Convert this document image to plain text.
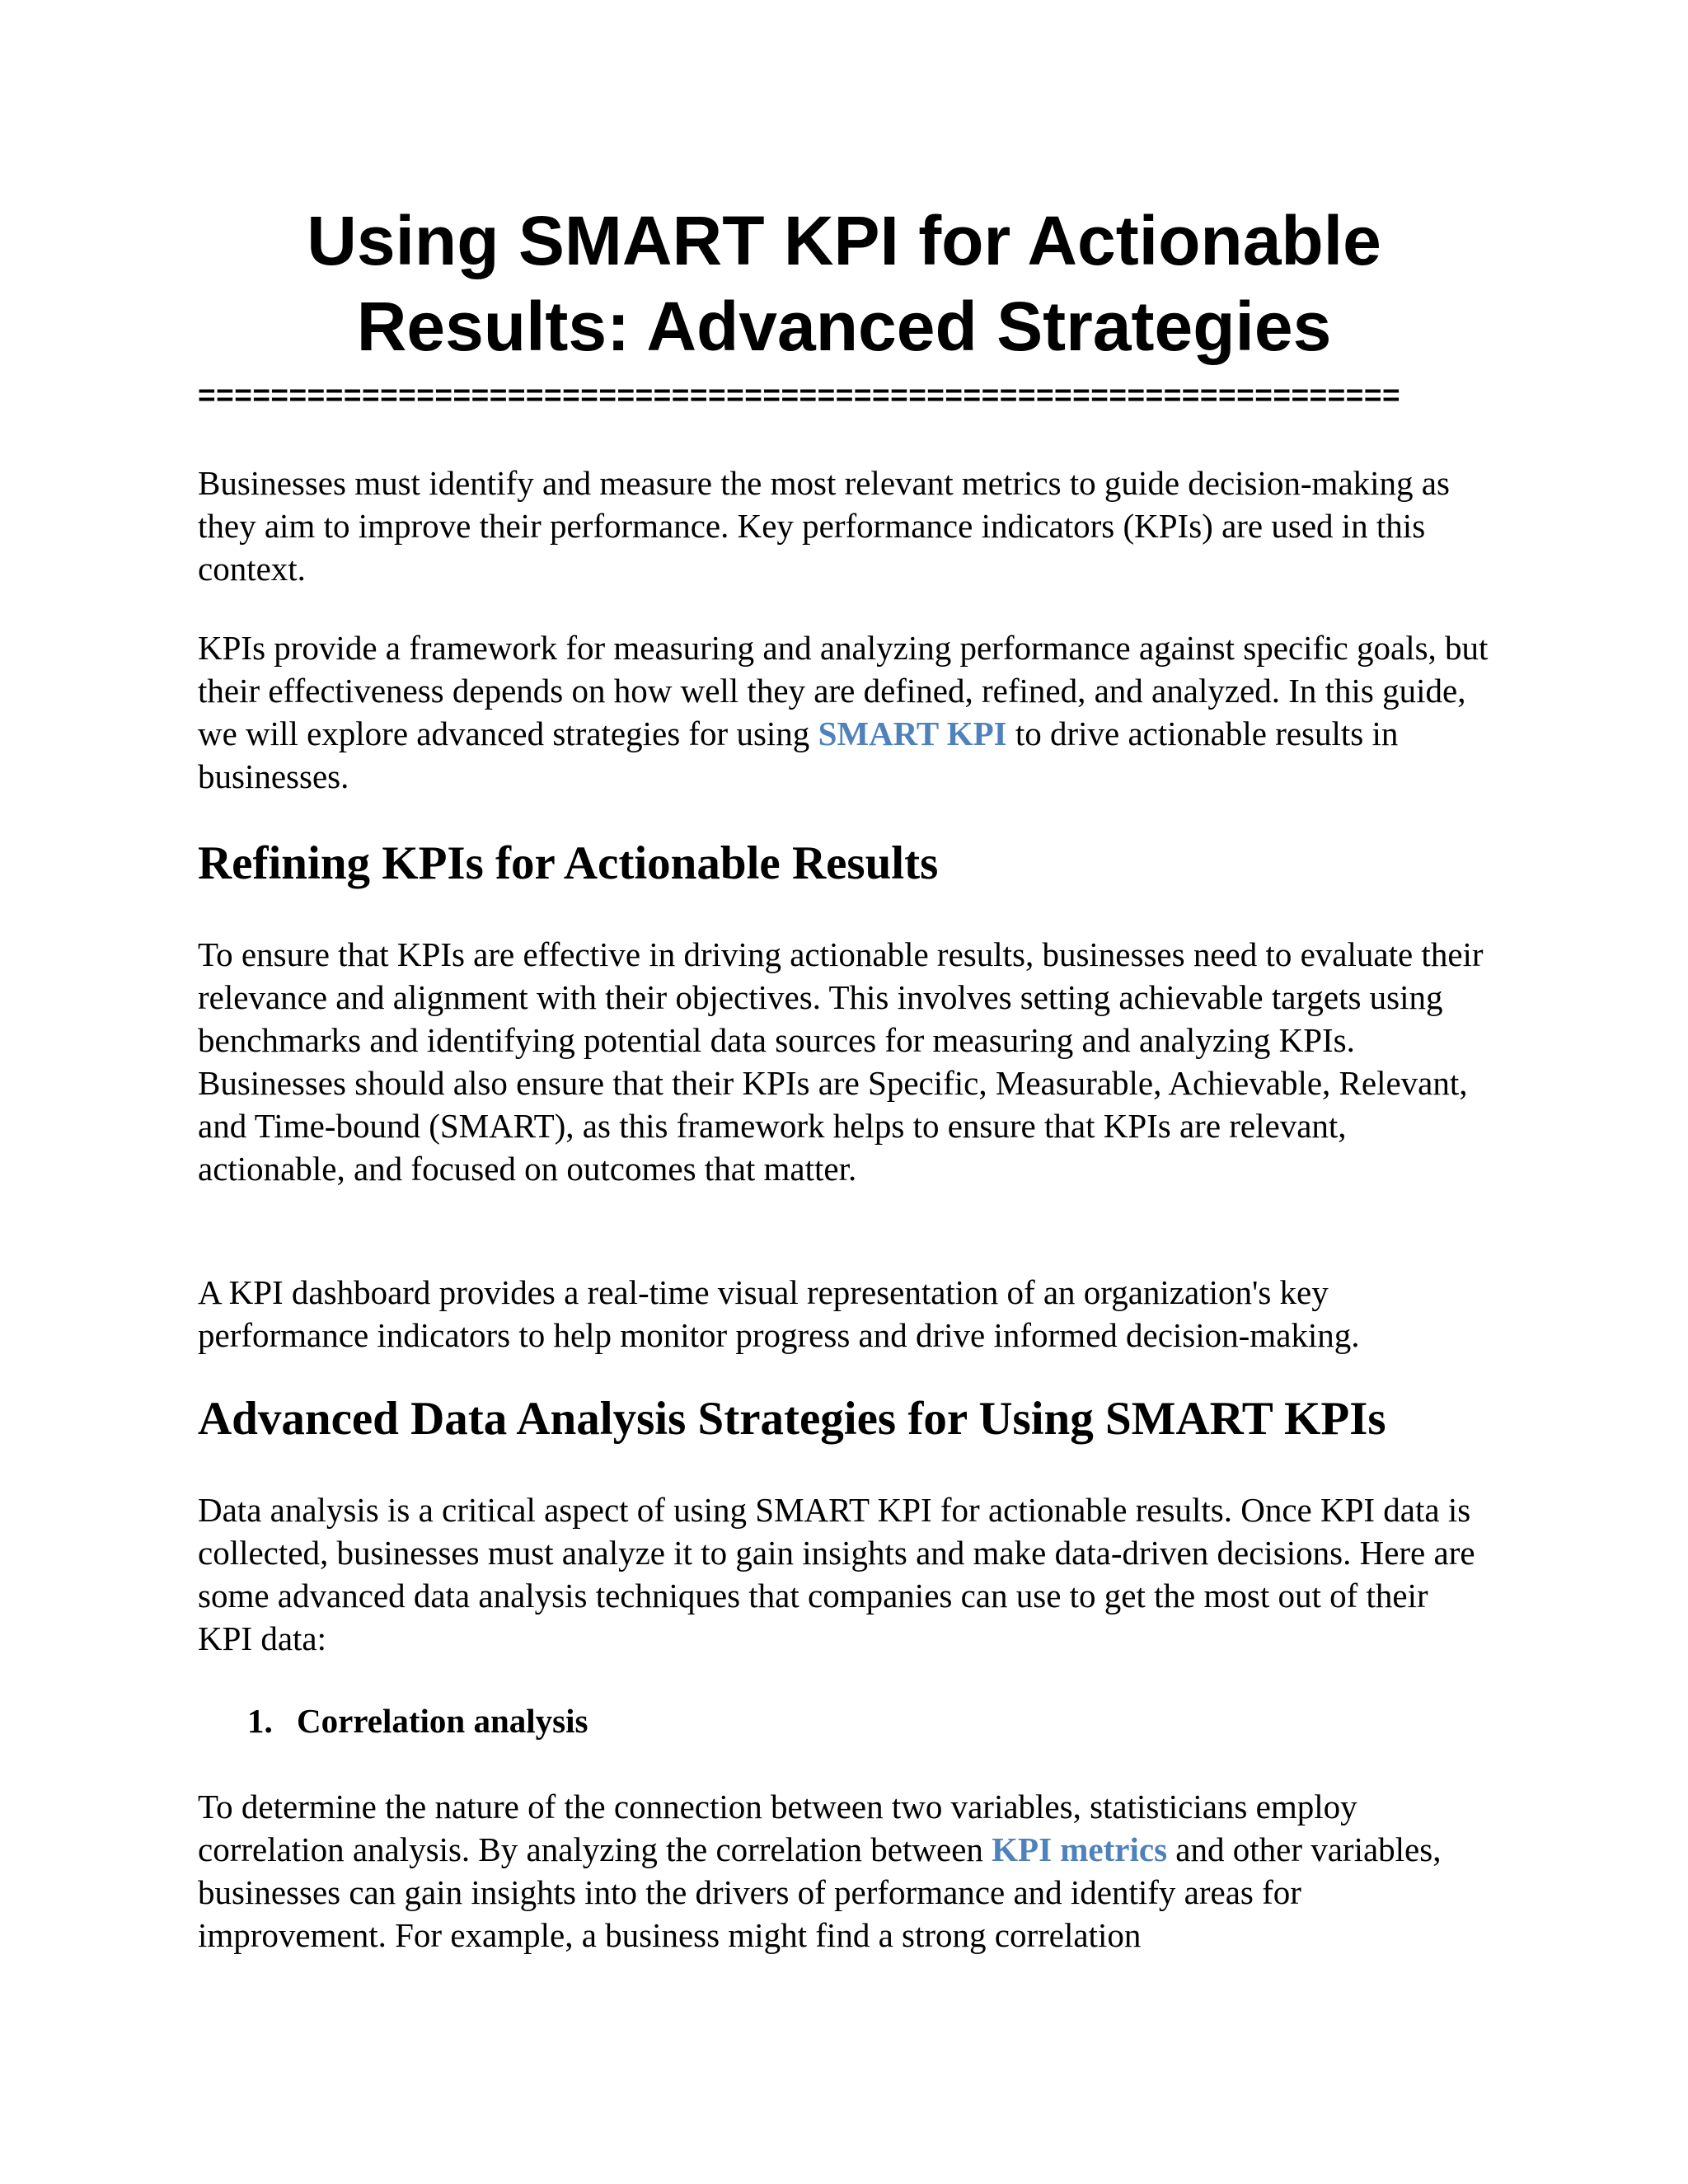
Using SMART KPI for Actionable
Results: Advanced Strategies
==================================================================

Businesses must identify and measure the most relevant metrics to guide decision-making as they aim to improve their performance. Key performance indicators (KPIs) are used in this context.

KPIs provide a framework for measuring and analyzing performance against specific goals, but their effectiveness depends on how well they are defined, refined, and analyzed. In this guide, we will explore advanced strategies for using SMART KPI to drive actionable results in businesses.

Refining KPIs for Actionable Results

To ensure that KPIs are effective in driving actionable results, businesses need to evaluate their relevance and alignment with their objectives. This involves setting achievable targets using benchmarks and identifying potential data sources for measuring and analyzing KPIs. Businesses should also ensure that their KPIs are Specific, Measurable, Achievable, Relevant, and Time-bound (SMART), as this framework helps to ensure that KPIs are relevant, actionable, and focused on outcomes that matter.

A KPI dashboard provides a real-time visual representation of an organization's key performance indicators to help monitor progress and drive informed decision-making.

Advanced Data Analysis Strategies for Using SMART KPIs

Data analysis is a critical aspect of using SMART KPI for actionable results. Once KPI data is collected, businesses must analyze it to gain insights and make data-driven decisions. Here are some advanced data analysis techniques that companies can use to get the most out of their KPI data:

1. Correlation analysis

To determine the nature of the connection between two variables, statisticians employ correlation analysis. By analyzing the correlation between KPI metrics and other variables, businesses can gain insights into the drivers of performance and identify areas for improvement. For example, a business might find a strong correlation
